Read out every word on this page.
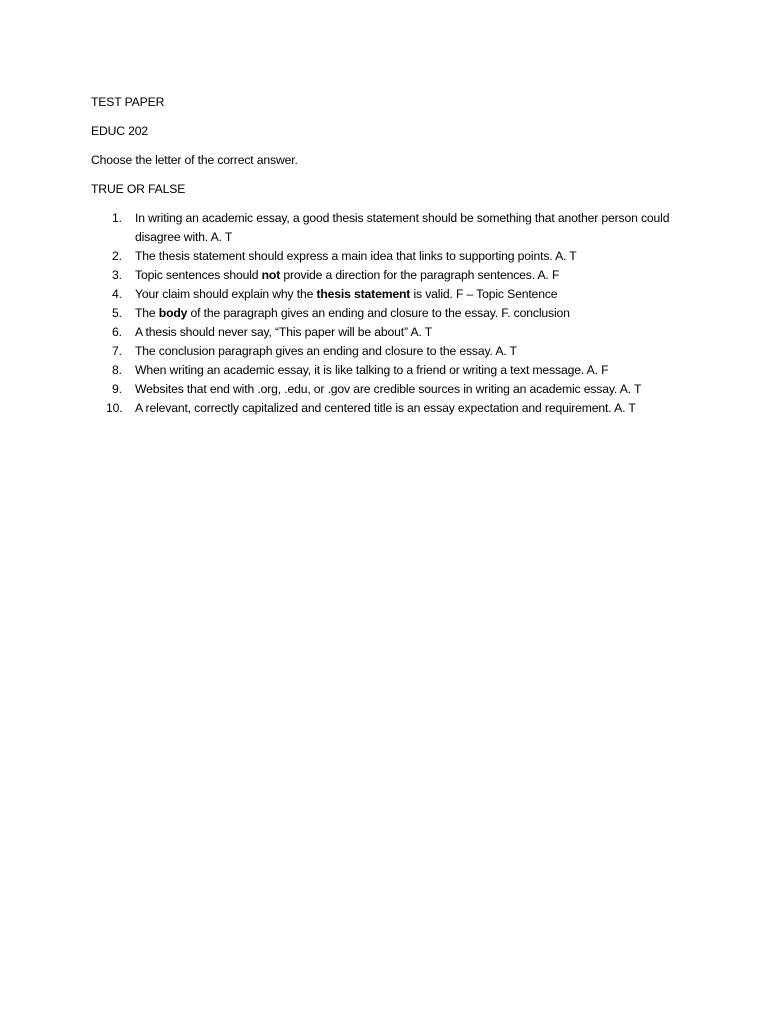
TEST PAPER

EDUC 202

Choose the letter of the correct answer.

TRUE OR FALSE

1. In writing an academic essay, a good thesis statement should be something that another person could disagree with. A. T
2. The thesis statement should express a main idea that links to supporting points. A. T
3. Topic sentences should not provide a direction for the paragraph sentences. A. F
4. Your claim should explain why the thesis statement is valid. F – Topic Sentence
5. The body of the paragraph gives an ending and closure to the essay. F. conclusion
6. A thesis should never say, “This paper will be about” A. T
7. The conclusion paragraph gives an ending and closure to the essay. A. T
8. When writing an academic essay, it is like talking to a friend or writing a text message. A. F
9. Websites that end with .org, .edu, or .gov are credible sources in writing an academic essay. A. T
10. A relevant, correctly capitalized and centered title is an essay expectation and requirement. A. T
